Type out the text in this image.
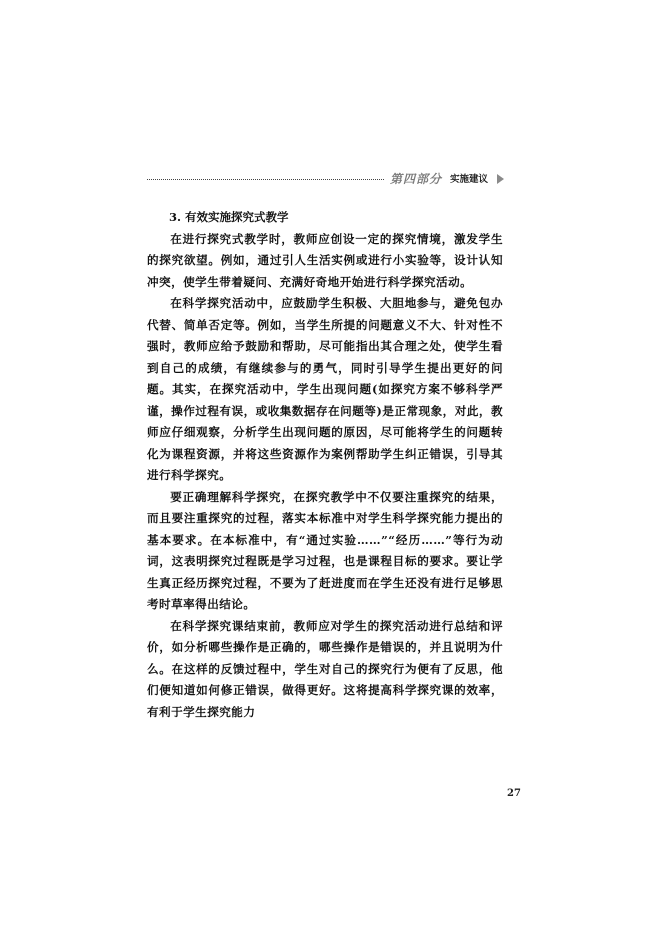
第四部分 实施建议
3. 有效实施探究式教学

在进行探究式教学时，教师应创设一定的探究情境，激发学生的探究欲望。例如，通过引人生活实例或进行小实验等，设计认知冲突，使学生带着疑问、充满好奇地开始进行科学探究活动。

在科学探究活动中，应鼓励学生积极、大胆地参与，避免包办代替、简单否定等。例如，当学生所提的问题意义不大、针对性不强时，教师应给予鼓励和帮助，尽可能指出其合理之处，使学生看到自己的成绩，有继续参与的勇气，同时引导学生提出更好的问题。其实，在探究活动中，学生出现问题(如探究方案不够科学严谨，操作过程有误，或收集数据存在问题等)是正常现象，对此，教师应仔细观察，分析学生出现问题的原因，尽可能将学生的问题转化为课程资源，并将这些资源作为案例帮助学生纠正错误，引导其进行科学探究。

要正确理解科学探究，在探究教学中不仅要注重探究的结果，而且要注重探究的过程，落实本标准中对学生科学探究能力提出的基本要求。在本标准中，有“通过实验……”“经历……”等行为动词，这表明探究过程既是学习过程，也是课程目标的要求。要让学生真正经历探究过程，不要为了赶进度而在学生还没有进行足够思考时草率得出结论。

在科学探究课结束前，教师应对学生的探究活动进行总结和评价，如分析哪些操作是正确的，哪些操作是错误的，并且说明为什么。在这样的反馈过程中，学生对自己的探究行为便有了反思，他们便知道如何修正错误，做得更好。这将提高科学探究课的效率，有利于学生探究能力

27
